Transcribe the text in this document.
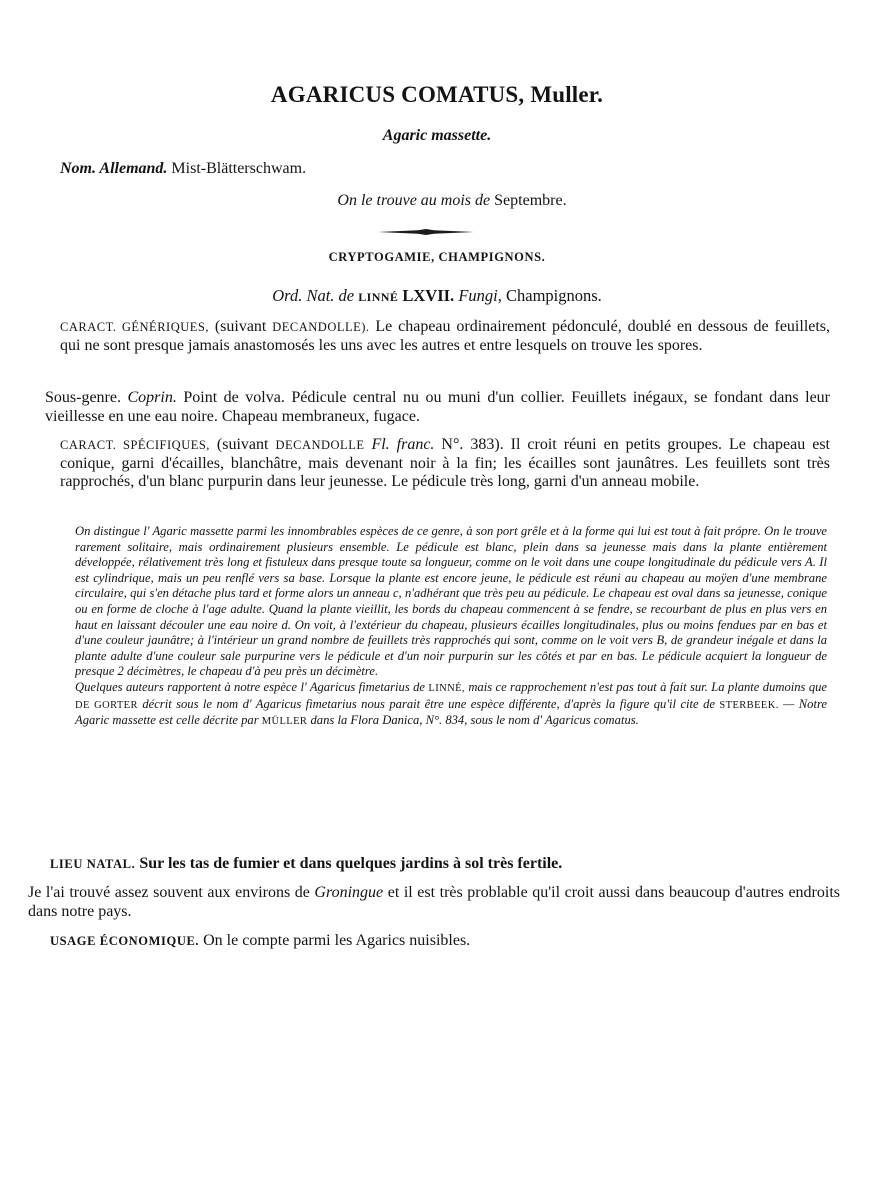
AGARICUS COMATUS, Muller.
Agaric massette.
Nom. Allemand. Mist-Blätterschwam.
On le trouve au mois de Septembre.
CRYPTOGAMIE, CHAMPIGNONS.
Ord. Nat. de LINNÉ LXVII. Fungi, Champignons.
CARACT. GÉNÉRIQUES, (suivant DECANDOLLE). Le chapeau ordinairement pédonculé, doublé en dessous de feuillets, qui ne sont presque jamais anastomosés les uns avec les autres et entre lesquels on trouve les spores.
Sous-genre. Coprin. Point de volva. Pédicule central nu ou muni d'un collier. Feuillets inégaux, se fondant dans leur vieillesse en une eau noire. Chapeau membraneux, fugace.
CARACT. SPÉCIFIQUES, (suivant DECANDOLLE Fl. franc. N°. 383). Il croit réuni en petits groupes. Le chapeau est conique, garni d'écailles, blanchâtre, mais devenant noir à la fin; les écailles sont jaunâtres. Les feuillets sont très rapprochés, d'un blanc purpurin dans leur jeunesse. Le pédicule très long, garni d'un anneau mobile.

On distingue l' Agaric massette parmi les innombrables espèces de ce genre, à son port grêle et à la forme qui lui est tout à fait própre. On le trouve rarement solitaire, mais ordinairement plusieurs ensemble. Le pédicule est blanc, plein dans sa jeunesse mais dans la plante entièrement développée, rélativement très long et fistuleux dans presque toute sa longueur, comme on le voit dans une coupe longitudinale du pédicule vers A. Il est cylindrique, mais un peu renflé vers sa base. Lorsque la plante est encore jeune, le pédicule est réuni au chapeau au moÿen d'une membrane circulaire, qui s'en détache plus tard et forme alors un anneau c, n'adhérant que très peu au pédicule. Le chapeau est oval dans sa jeunesse, conique ou en forme de cloche à l'age adulte. Quand la plante vieillit, les bords du chapeau commencent à se fendre, se recourbant de plus en plus vers en haut en laissant découler une eau noire d. On voit, à l'extérieur du chapeau, plusieurs écailles longitudinales, plus ou moins fendues par en bas et d'une couleur jaunâtre; à l'intérieur un grand nombre de feuillets très rapprochés qui sont, comme on le voit vers B, de grandeur inégale et dans la plante adulte d'une couleur sale purpurine vers le pédicule et d'un noir purpurin sur les côtés et par en bas. Le pédicule acquiert la longueur de presque 2 décimètres, le chapeau d'à peu près un décimètre.

Quelques auteurs rapportent à notre espèce l' Agaricus fimetarius de LINNÉ, mais ce rapprochement n'est pas tout à fait sur. La plante dumoins que DE GORTER décrit sous le nom d' Agaricus fimetarius nous parait être une espèce différente, d'après la figure qu'il cite de STERBEEK. — Notre Agaric massette est celle décrite par MÜLLER dans la Flora Danica, N°. 834, sous le nom d' Agaricus comatus.

LIEU NATAL. Sur les tas de fumier et dans quelques jardins à sol très fertile.
Je l'ai trouvé assez souvent aux environs de Groningue et il est très problable qu'il croit aussi dans beaucoup d'autres endroits dans notre pays.
USAGE ÉCONOMIQUE. On le compte parmi les Agarics nuisibles.
